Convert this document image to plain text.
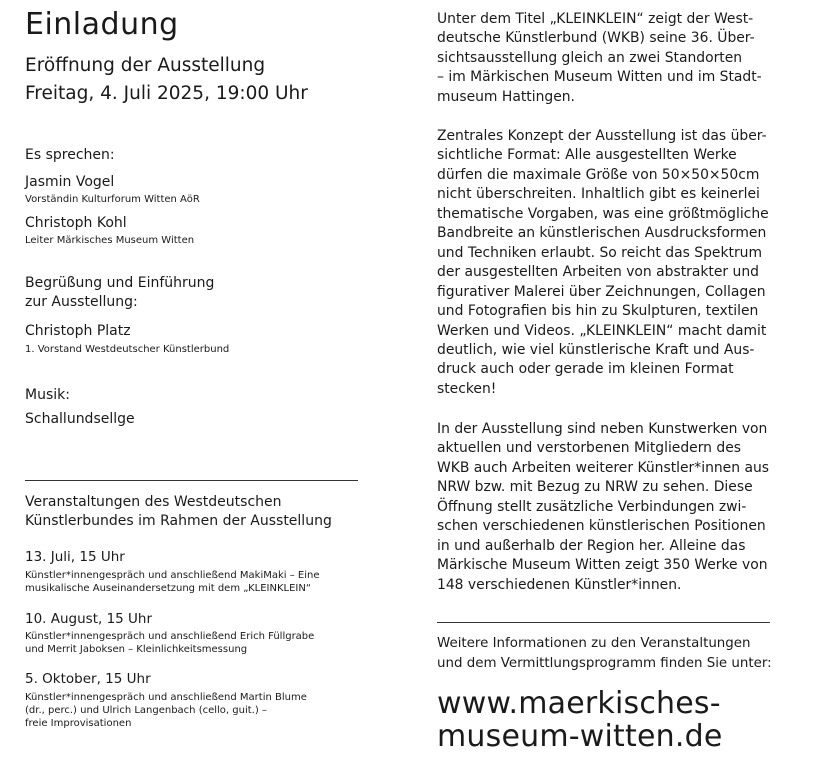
Einladung
Eröffnung der Ausstellung
Freitag, 4. Juli 2025, 19:00 Uhr
Es sprechen:
Jasmin Vogel
Vorständin Kulturforum Witten AöR
Christoph Kohl
Leiter Märkisches Museum Witten
Begrüßung und Einführung
zur Ausstellung:
Christoph Platz
1. Vorstand Westdeutscher Künstlerbund
Musik:
Schallundsellge
Veranstaltungen des Westdeutschen
Künstlerbundes im Rahmen der Ausstellung
13. Juli, 15 Uhr
Künstler*innengespräch und anschließend MakiMaki – Eine
musikalische Auseinandersetzung mit dem „KLEINKLEIN“
10. August, 15 Uhr
Künstler*innengespräch und anschließend Erich Füllgrabe
und Merrit Jaboksen – Kleinlichkeitsmessung
5. Oktober, 15 Uhr
Künstler*innengespräch und anschließend Martin Blume
(dr., perc.) und Ulrich Langenbach (cello, guit.) –
freie Improvisationen
Unter dem Titel „KLEINKLEIN“ zeigt der West-
deutsche Künstlerbund (WKB) seine 36. Über-
sichtsausstellung gleich an zwei Standorten
– im Märkischen Museum Witten und im Stadt-
museum Hattingen.
Zentrales Konzept der Ausstellung ist das über-
sichtliche Format: Alle ausgestellten Werke
dürfen die maximale Größe von 50×50×50cm
nicht überschreiten. Inhaltlich gibt es keinerlei
thematische Vorgaben, was eine größtmögliche
Bandbreite an künstlerischen Ausdrucksformen
und Techniken erlaubt. So reicht das Spektrum
der ausgestellten Arbeiten von abstrakter und
figurativer Malerei über Zeichnungen, Collagen
und Fotografien bis hin zu Skulpturen, textilen
Werken und Videos. „KLEINKLEIN“ macht damit
deutlich, wie viel künstlerische Kraft und Aus-
druck auch oder gerade im kleinen Format
stecken!
In der Ausstellung sind neben Kunstwerken von
aktuellen und verstorbenen Mitgliedern des
WKB auch Arbeiten weiterer Künstler*innen aus
NRW bzw. mit Bezug zu NRW zu sehen. Diese
Öffnung stellt zusätzliche Verbindungen zwi-
schen verschiedenen künstlerischen Positionen
in und außerhalb der Region her. Alleine das
Märkische Museum Witten zeigt 350 Werke von
148 verschiedenen Künstler*innen.
Weitere Informationen zu den Veranstaltungen
und dem Vermittlungsprogramm finden Sie unter:
www.maerkisches-
museum-witten.de
